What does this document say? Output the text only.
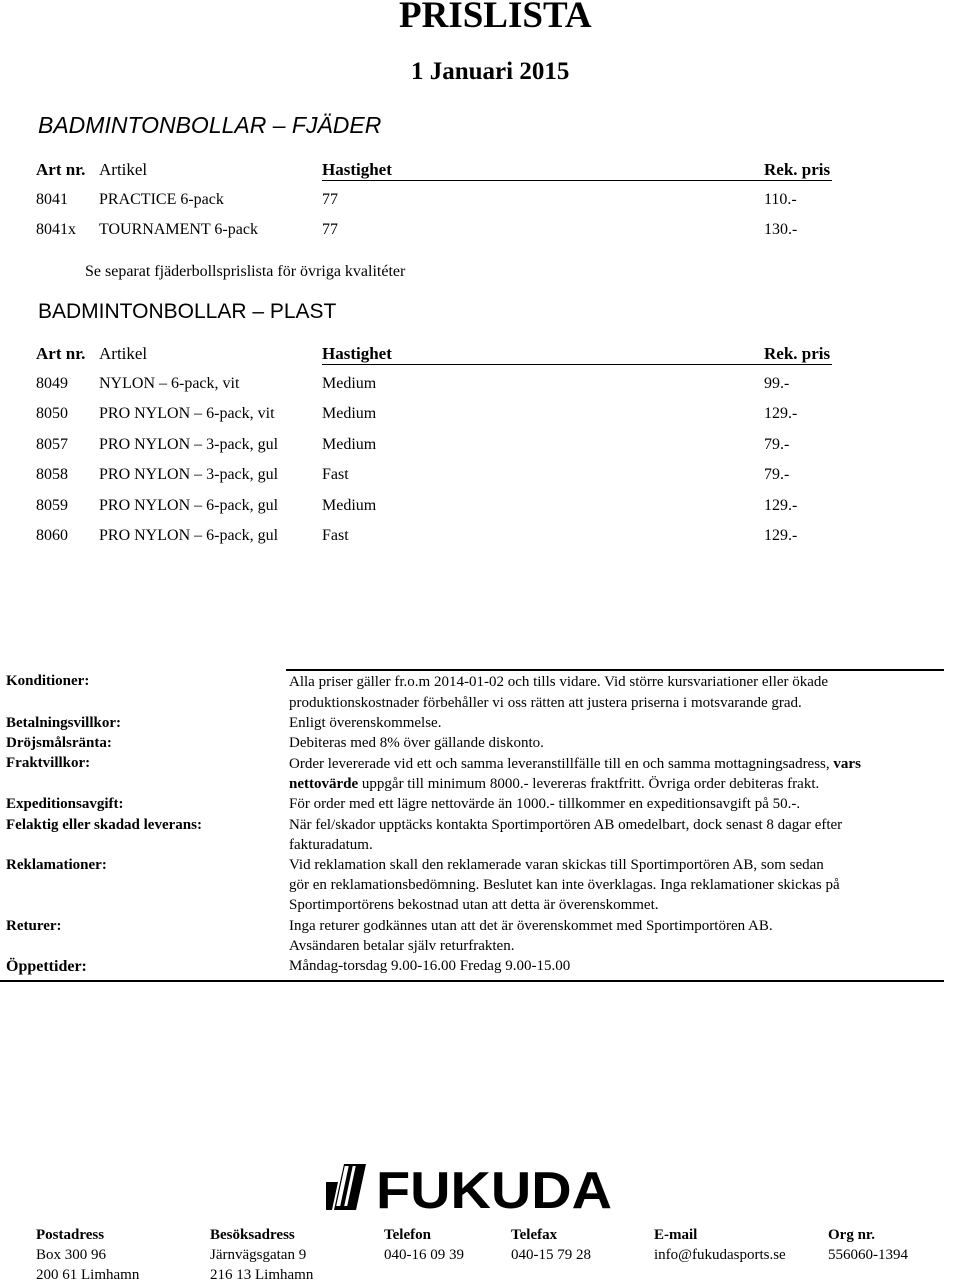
PRISLISTA
1 Januari 2015
BADMINTONBOLLAR – FJÄDER
Art nr. Artikel	Hastighet	Rek. pris
8041 PRACTICE 6-pack	77	110.-
8041x TOURNAMENT 6-pack	77	130.-
Se separat fjäderbollsprislista för övriga kvalitéter
BADMINTONBOLLAR – PLAST
Art nr. Artikel	Hastighet	Rek. pris
8049 NYLON – 6-pack, vit	Medium	99.-
8050 PRO NYLON – 6-pack, vit	Medium	129.-
8057 PRO NYLON – 3-pack, gul	Medium	79.-
8058 PRO NYLON – 3-pack, gul	Fast	79.-
8059 PRO NYLON – 6-pack, gul	Medium	129.-
8060 PRO NYLON – 6-pack, gul	Fast	129.-
Konditioner:	Alla priser gäller fr.o.m 2014-01-02 och tills vidare. Vid större kursvariationer eller ökade
produktionskostnader förbehåller vi oss rätten att justera priserna i motsvarande grad.
Betalningsvillkor:	Enligt överenskommelse.
Dröjsmålsränta:	Debiteras med 8% över gällande diskonto.
Fraktvillkor:	Order levererade vid ett och samma leveranstillfälle till en och samma mottagningsadress, vars
nettovärde uppgår till minimum 8000.- levereras fraktfritt. Övriga order debiteras frakt.
Expeditionsavgift:	För order med ett lägre nettovärde än 1000.- tillkommer en expeditionsavgift på 50.-.
Felaktig eller skadad leverans:	När fel/skador upptäcks kontakta Sportimportören AB omedelbart, dock senast 8 dagar efter
fakturadatum.
Reklamationer:	Vid reklamation skall den reklamerade varan skickas till Sportimportören AB, som sedan
gör en reklamationsbedömning. Beslutet kan inte överklagas. Inga reklamationer skickas på
Sportimportörens bekostnad utan att detta är överenskommet.
Returer:	Inga returer godkännes utan att det är överenskommet med Sportimportören AB.
Avsändaren betalar själv returfrakten.
Öppettider:	Måndag-torsdag 9.00-16.00 Fredag 9.00-15.00
FUKUDA
Postadress	Besöksadress	Telefon	Telefax	E-mail	Org nr.
Box 300 96	Järnvägsgatan 9	040-16 09 39	040-15 79 28	info@fukudasports.se	556060-1394
200 61 Limhamn	216 13 Limhamn
